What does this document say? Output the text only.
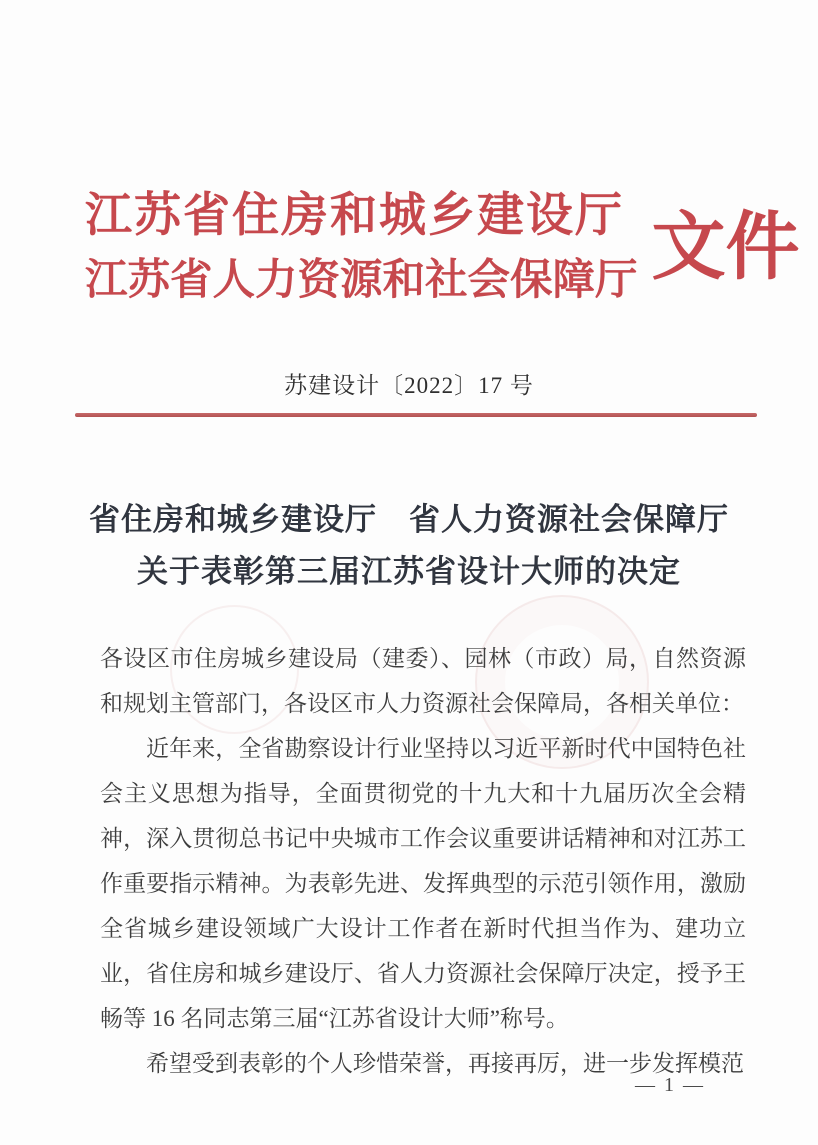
江苏省住房和城乡建设厅
江苏省人力资源和社会保障厅 文件
苏建设计〔2022〕17 号
省住房和城乡建设厅　省人力资源社会保障厅
关于表彰第三届江苏省设计大师的决定

各设区市住房城乡建设局（建委）、园林（市政）局，自然资源和规划主管部门，各设区市人力资源社会保障局，各相关单位：

近年来，全省勘察设计行业坚持以习近平新时代中国特色社会主义思想为指导，全面贯彻党的十九大和十九届历次全会精神，深入贯彻总书记中央城市工作会议重要讲话精神和对江苏工作重要指示精神。为表彰先进、发挥典型的示范引领作用，激励全省城乡建设领域广大设计工作者在新时代担当作为、建功立业，省住房和城乡建设厅、省人力资源社会保障厅决定，授予王畅等 16 名同志第三届“江苏省设计大师”称号。

希望受到表彰的个人珍惜荣誉，再接再厉，进一步发挥模范

— 1 —
